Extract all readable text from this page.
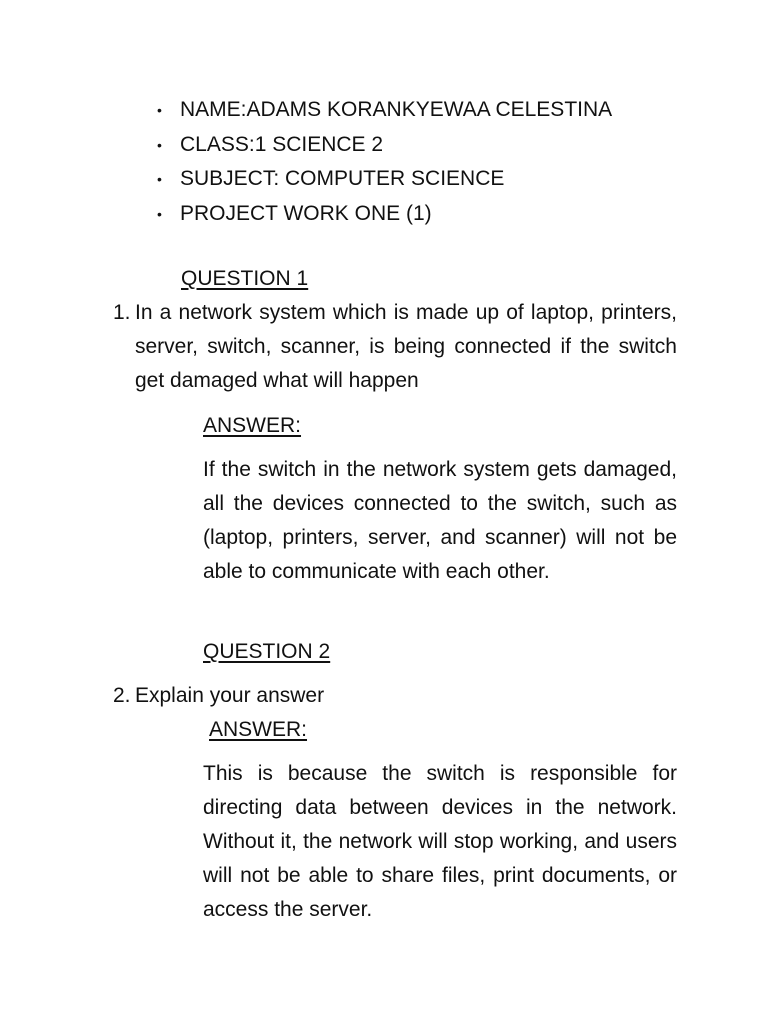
• NAME:ADAMS KORANKYEWAA CELESTINA
• CLASS:1 SCIENCE 2
• SUBJECT: COMPUTER SCIENCE
• PROJECT WORK ONE (1)
QUESTION 1
1. In a network system which is made up of laptop, printers, server, switch, scanner, is being connected if the switch get damaged what will happen
ANSWER:

If the switch in the network system gets damaged, all the devices connected to the switch, such as (laptop, printers, server, and scanner) will not be able to communicate with each other.

QUESTION 2
2. Explain your answer
ANSWER:

This is because the switch is responsible for directing data between devices in the network. Without it, the network will stop working, and users will not be able to share files, print documents, or access the server.
